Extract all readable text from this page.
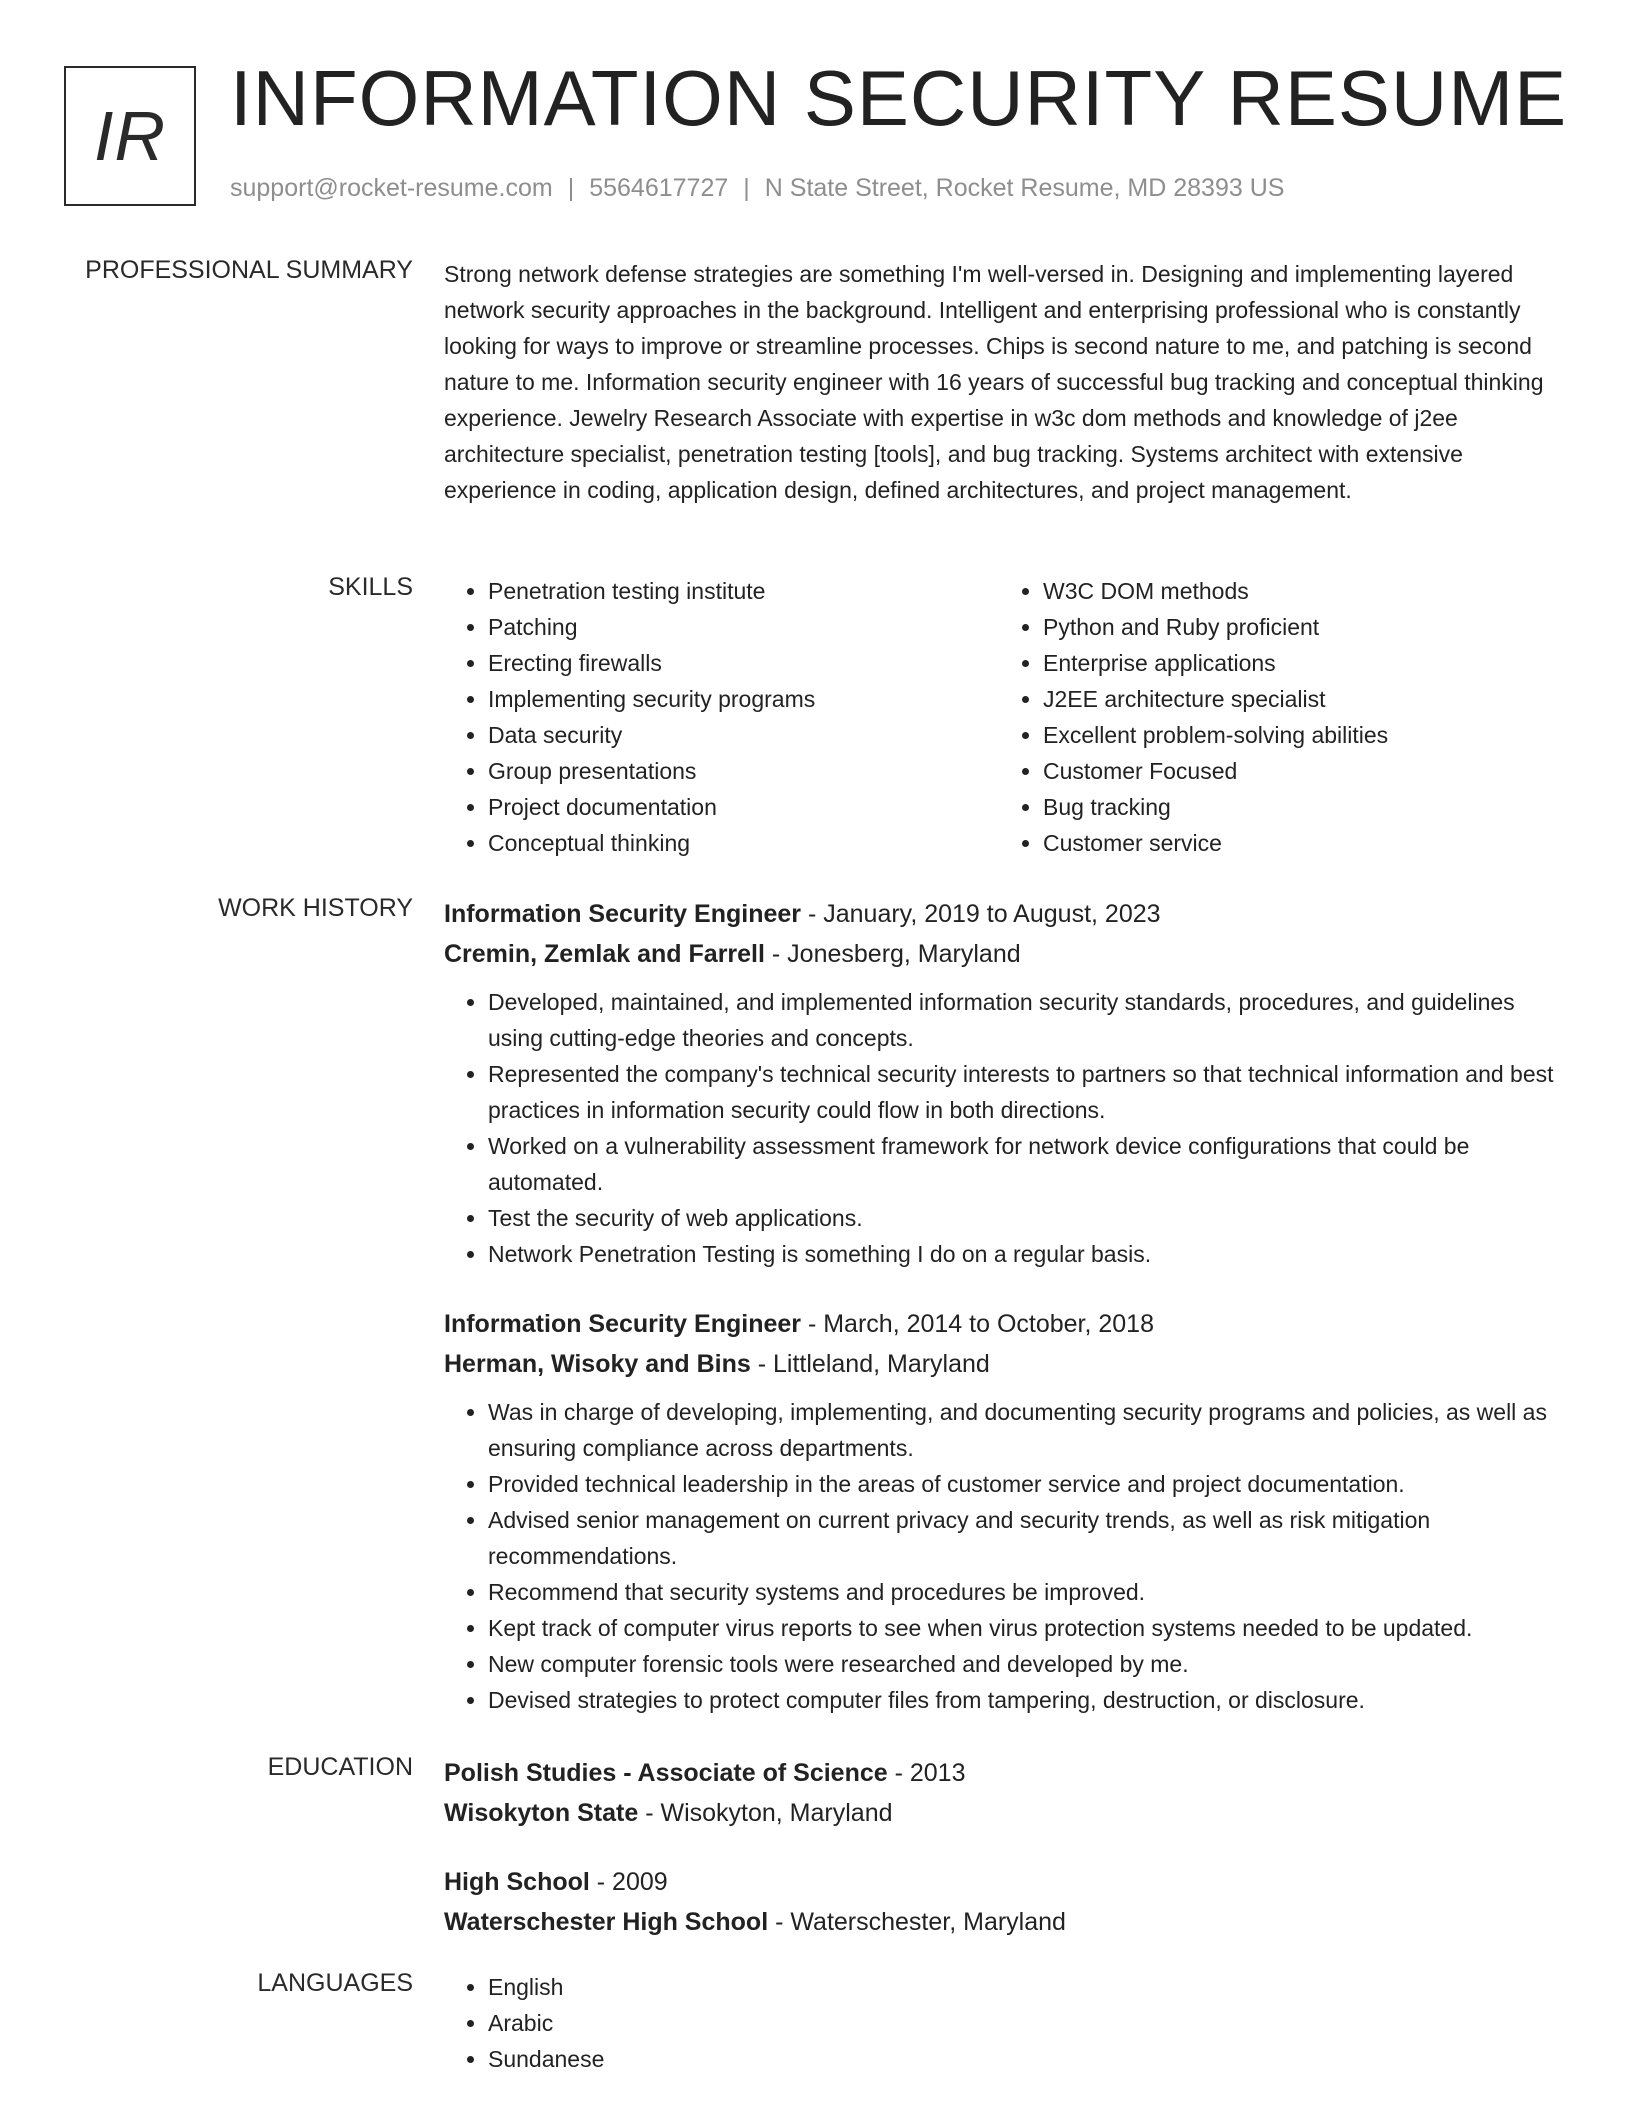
IR INFORMATION SECURITY RESUME
support@rocket-resume.com | 5564617727 | N State Street, Rocket Resume, MD 28393 US
PROFESSIONAL SUMMARY Strong network defense strategies are something I'm well-versed in. Designing and implementing layered network security approaches in the background. Intelligent and enterprising professional who is constantly looking for ways to improve or streamline processes. Chips is second nature to me, and patching is second nature to me. Information security engineer with 16 years of successful bug tracking and conceptual thinking experience. Jewelry Research Associate with expertise in w3c dom methods and knowledge of j2ee architecture specialist, penetration testing [tools], and bug tracking. Systems architect with extensive experience in coding, application design, defined architectures, and project management.

SKILLS	• Penetration testing institute
• Patching
• Erecting firewalls
• Implementing security programs
• Data security
• Group presentations
• Project documentation
• Conceptual thinking
• W3C DOM methods
• Python and Ruby proficient
• Enterprise applications
• J2EE architecture specialist
• Excellent problem-solving abilities
• Customer Focused
• Bug tracking
• Customer service
WORK HISTORY Information Security Engineer - January, 2019 to August, 2023
Cremin, Zemlak and Farrell - Jonesberg, Maryland
• Developed, maintained, and implemented information security standards, procedures, and guidelines using cutting-edge theories and concepts.
• Represented the company's technical security interests to partners so that technical information and best practices in information security could flow in both directions.
• Worked on a vulnerability assessment framework for network device configurations that could be automated.
• Test the security of web applications.
• Network Penetration Testing is something I do on a regular basis.
Information Security Engineer - March, 2014 to October, 2018
Herman, Wisoky and Bins - Littleland, Maryland
• Was in charge of developing, implementing, and documenting security programs and policies, as well as ensuring compliance across departments.
• Provided technical leadership in the areas of customer service and project documentation.
• Advised senior management on current privacy and security trends, as well as risk mitigation recommendations.
• Recommend that security systems and procedures be improved.
• Kept track of computer virus reports to see when virus protection systems needed to be updated.
• New computer forensic tools were researched and developed by me.
• Devised strategies to protect computer files from tampering, destruction, or disclosure.
EDUCATION Polish Studies - Associate of Science - 2013
Wisokyton State - Wisokyton, Maryland
High School - 2009
Waterschester High School - Waterschester, Maryland
LANGUAGES	• English
• Arabic
• Sundanese
